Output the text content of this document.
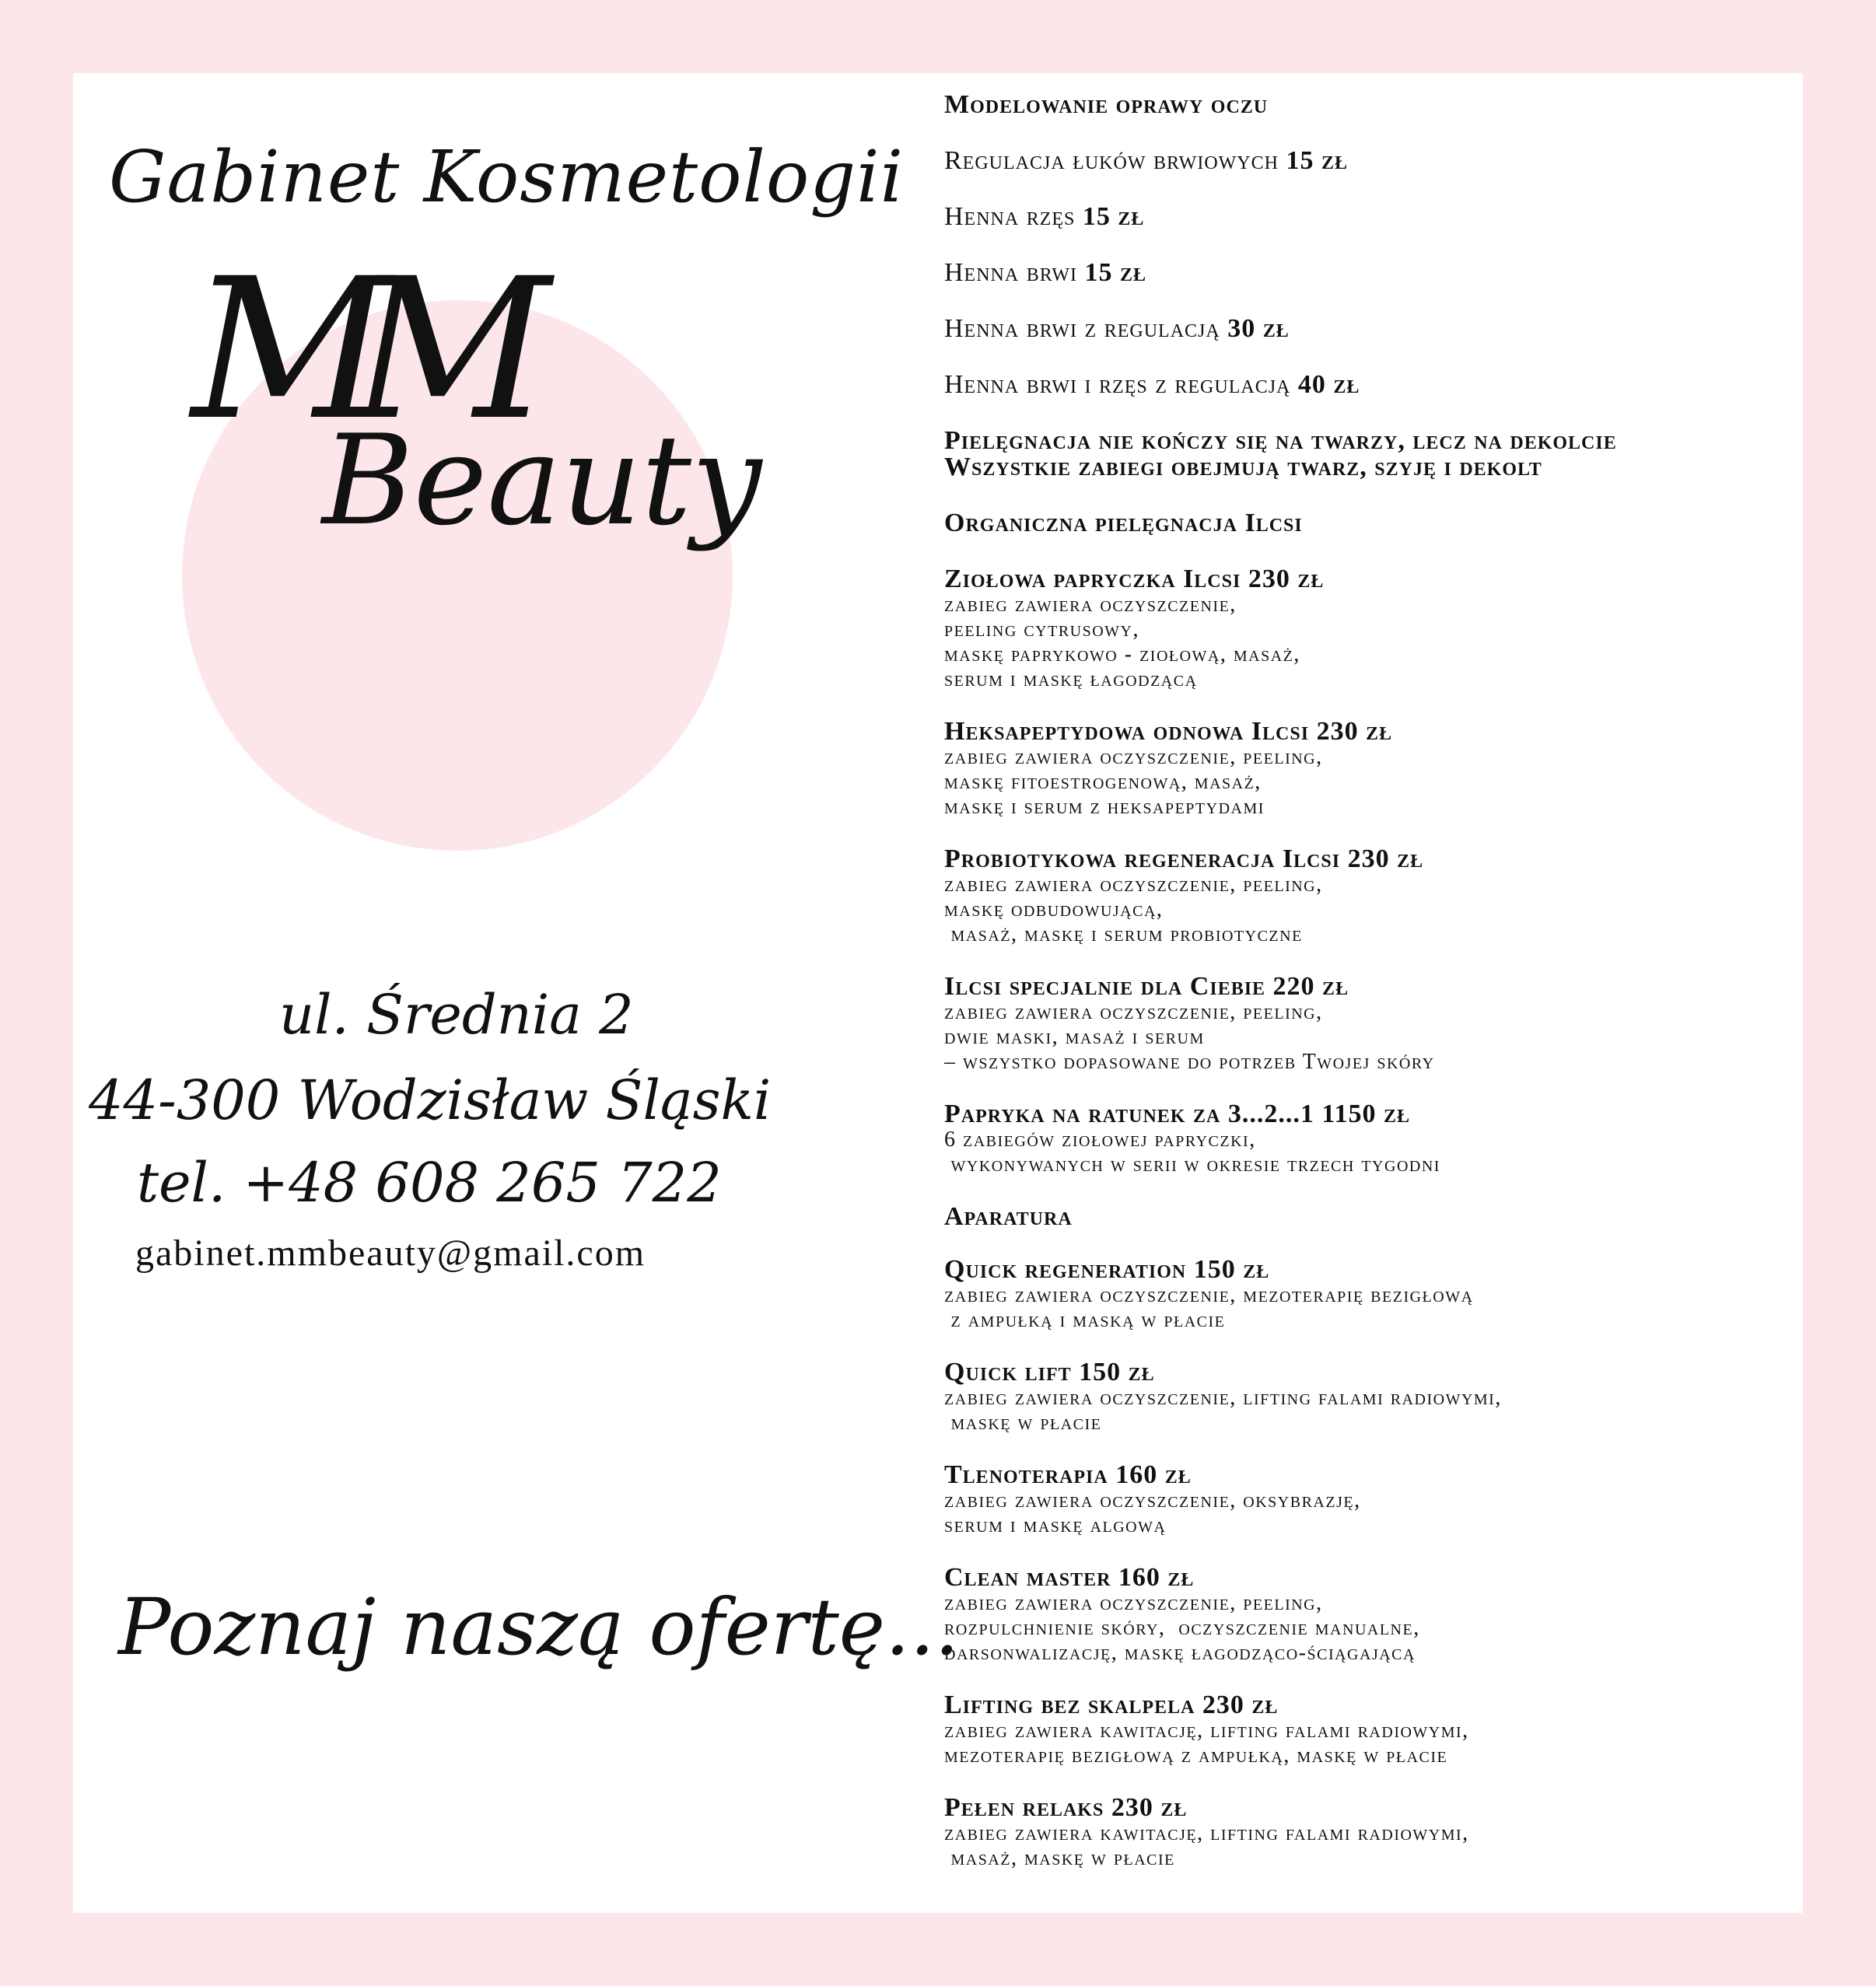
Gabinet Kosmetologii
MM
Beauty
ul. Średnia 2
44-300 Wodzisław Śląski
tel. +48 608 265 722
gabinet.mmbeauty@gmail.com
Poznaj naszą ofertę...
Modelowanie oprawy oczu
Regulacja łuków brwiowych 15 zł
Henna rzęs 15 zł
Henna brwi 15 zł
Henna brwi z regulacją 30 zł
Henna brwi i rzęs z regulacją 40 zł
Pielęgnacja nie kończy się na twarzy, lecz na dekolcie
Wszystkie zabiegi obejmują twarz, szyję i dekolt
Organiczna pielęgnacja Ilcsi
Ziołowa papryczka Ilcsi 230 zł
zabieg zawiera oczyszczenie,
peeling cytrusowy,
maskę paprykowo - ziołową, masaż,
serum i maskę łagodzącą
Heksapeptydowa odnowa Ilcsi 230 zł
zabieg zawiera oczyszczenie, peeling,
maskę fitoestrogenową, masaż,
maskę i serum z heksapeptydami
Probiotykowa regeneracja Ilcsi 230 zł
zabieg zawiera oczyszczenie, peeling,
maskę odbudowującą,
masaż, maskę i serum probiotyczne
Ilcsi specjalnie dla Ciebie 220 zł
zabieg zawiera oczyszczenie, peeling,
dwie maski, masaż i serum
– wszystko dopasowane do potrzeb Twojej skóry
Papryka na ratunek za 3...2...1 1150 zł
6 zabiegów ziołowej papryczki,
wykonywanych w serii w okresie trzech tygodni
Aparatura
Quick regeneration 150 zł
zabieg zawiera oczyszczenie, mezoterapię bezigłową
z ampułką i maską w płacie
Quick lift 150 zł
zabieg zawiera oczyszczenie, lifting falami radiowymi,
maskę w płacie
Tlenoterapia 160 zł
zabieg zawiera oczyszczenie, oksybrazję,
serum i maskę algową
Clean master 160 zł
zabieg zawiera oczyszczenie, peeling,
rozpulchnienie skóry,  oczyszczenie manualne,
darsonwalizację, maskę łagodząco-ściągającą
Lifting bez skalpela 230 zł
zabieg zawiera kawitację, lifting falami radiowymi,
mezoterapię bezigłową z ampułką, maskę w płacie
Pełen relaks 230 zł
zabieg zawiera kawitację, lifting falami radiowymi,
masaż, maskę w płacie
